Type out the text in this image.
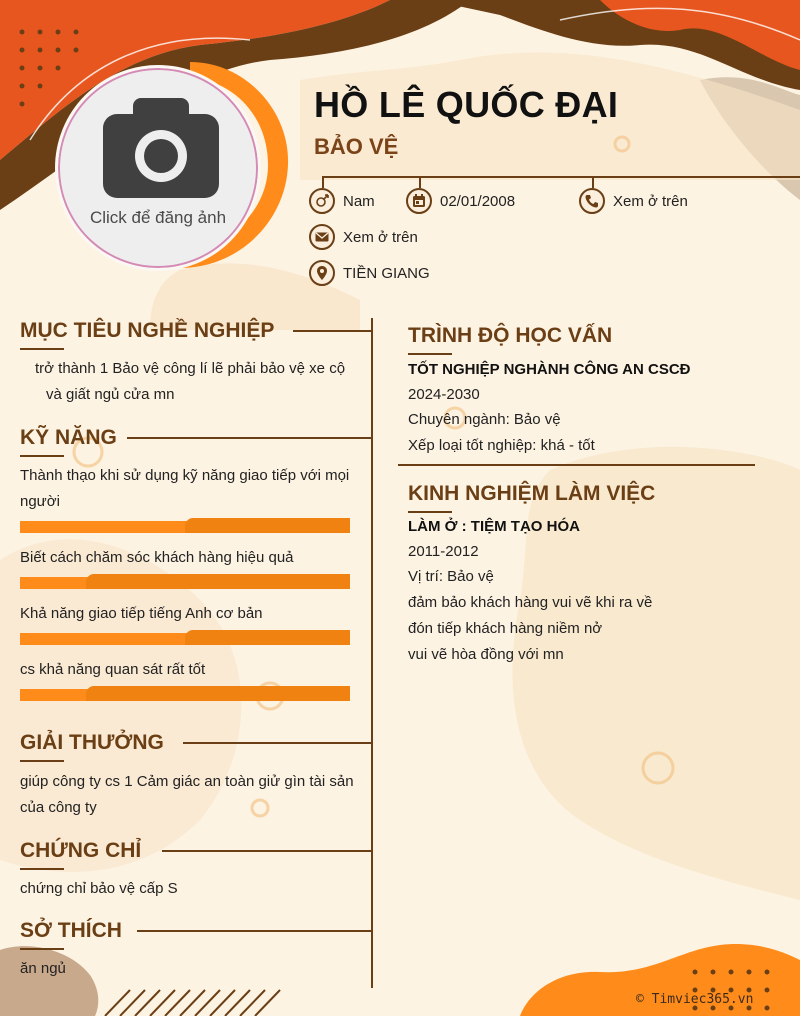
Click để đăng ảnh
HỒ LÊ QUỐC ĐẠI
BẢO VỆ
Nam	02/01/2008	Xem ở trên
Xem ở trên
TIỀN GIANG
MỤC TIÊU NGHỀ NGHIỆP
trở thành 1 Bảo vệ công lí lẽ phải bảo vệ xe cộ
và giất ngủ cửa mn
KỸ NĂNG
Thành thạo khi sử dụng kỹ năng giao tiếp với mọi
người
Biết cách chăm sóc khách hàng hiệu quả
Khả năng giao tiếp tiếng Anh cơ bản
cs khả năng quan sát rất tốt
GIẢI THƯỞNG
giúp công ty cs 1 Cảm giác an toàn giử gìn tài sản
của công ty
CHỨNG CHỈ
chứng chỉ bảo vệ cấp S
SỞ THÍCH
ăn ngủ
TRÌNH ĐỘ HỌC VẤN
TỐT NGHIỆP NGHÀNH CÔNG AN CSCĐ
2024-2030
Chuyên ngành: Bảo vệ
Xếp loại tốt nghiệp: khá - tốt
KINH NGHIỆM LÀM VIỆC
LÀM Ở : TIỆM TẠO HÓA
2011-2012
Vị trí: Bảo vệ
đảm bảo khách hàng vui vẽ khi ra về
đón tiếp khách hàng niềm nở
vui vẽ hòa đồng với mn
© Timviec365.vn
